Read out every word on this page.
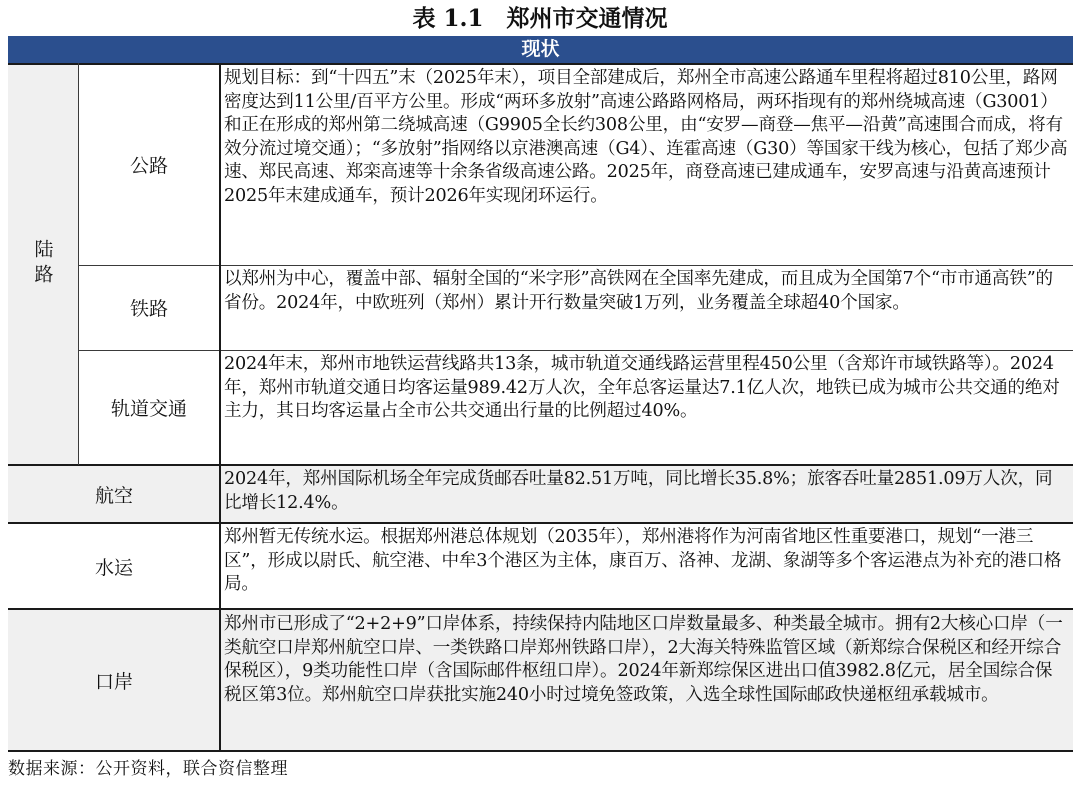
表 1.1　郑州市交通情况
现状
陆路
公路
规划目标：到“十四五”末（2025年末），项目全部建成后，郑州全市高速公路通车里程将超过810公里，路网密度达到11公里/百平方公里。形成“两环多放射”高速公路路网格局，两环指现有的郑州绕城高速（G3001）和正在形成的郑州第二绕城高速（G9905全长约308公里，由“安罗—商登—焦平—沿黄”高速围合而成，将有效分流过境交通）；“多放射”指网络以京港澳高速（G4）、连霍高速（G30）等国家干线为核心，包括了郑少高速、郑民高速、郑栾高速等十余条省级高速公路。2025年，商登高速已建成通车，安罗高速与沿黄高速预计2025年末建成通车，预计2026年实现闭环运行。
铁路
以郑州为中心，覆盖中部、辐射全国的“米字形”高铁网在全国率先建成，而且成为全国第7个“市市通高铁”的省份。2024年，中欧班列（郑州）累计开行数量突破1万列，业务覆盖全球超40个国家。
轨道交通
2024年末，郑州市地铁运营线路共13条，城市轨道交通线路运营里程450公里（含郑许市域铁路等）。2024年，郑州市轨道交通日均客运量989.42万人次，全年总客运量达7.1亿人次，地铁已成为城市公共交通的绝对主力，其日均客运量占全市公共交通出行量的比例超过40%。
航空
2024年，郑州国际机场全年完成货邮吞吐量82.51万吨，同比增长35.8%；旅客吞吐量2851.09万人次，同比增长12.4%。
水运
郑州暂无传统水运。根据郑州港总体规划（2035年），郑州港将作为河南省地区性重要港口，规划“一港三区”，形成以尉氏、航空港、中牟3个港区为主体，康百万、洛神、龙湖、象湖等多个客运港点为补充的港口格局。
口岸
郑州市已形成了“2+2+9”口岸体系，持续保持内陆地区口岸数量最多、种类最全城市。拥有2大核心口岸（一类航空口岸郑州航空口岸、一类铁路口岸郑州铁路口岸），2大海关特殊监管区域（新郑综合保税区和经开综合保税区），9类功能性口岸（含国际邮件枢纽口岸）。2024年新郑综保区进出口值3982.8亿元，居全国综合保税区第3位。郑州航空口岸获批实施240小时过境免签政策，入选全球性国际邮政快递枢纽承载城市。
数据来源：公开资料，联合资信整理
